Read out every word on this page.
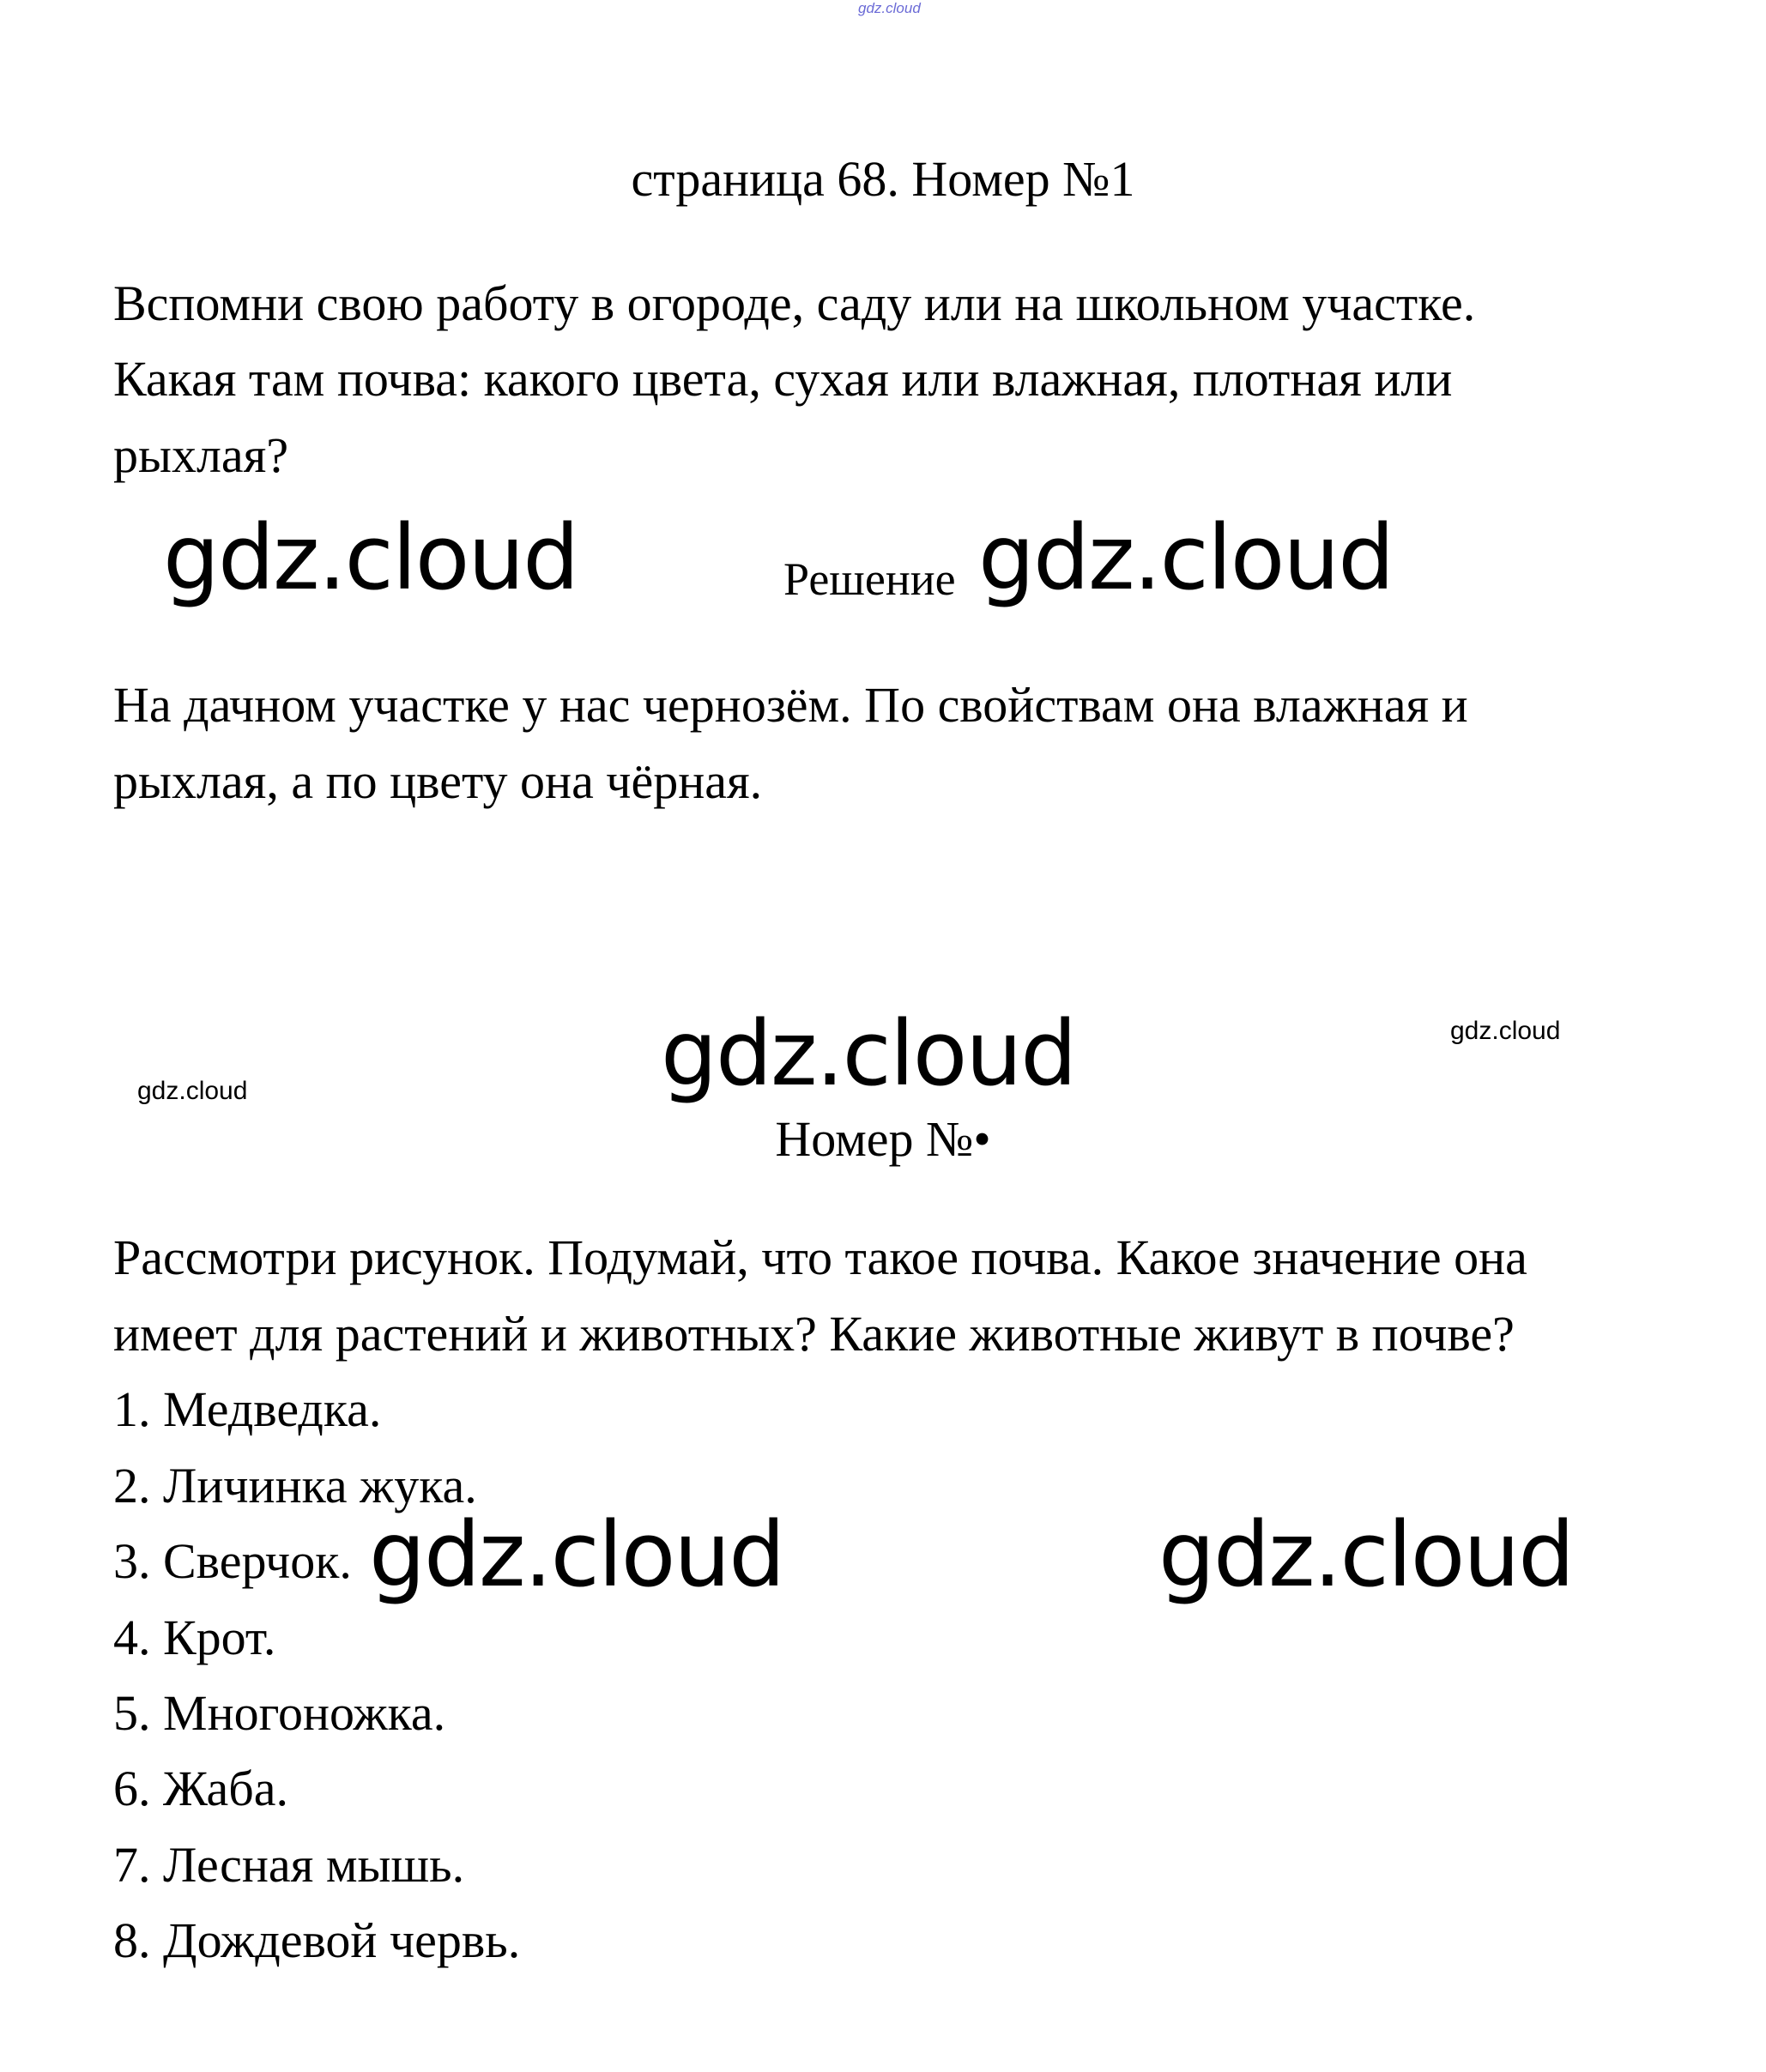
gdz.cloud
страница 68. Номер №1
Вспомни свою работу в огороде, саду или на школьном участке.
Какая там почва: какого цвета, сухая или влажная, плотная или
рыхлая?
gdz.cloud	Решение gdz.cloud
На дачном участке у нас чернозём. По свойствам она влажная и
рыхлая, а по цвету она чёрная.
gdz.cloud
gdz.cloud
gdz.cloud
Номер №•
Рассмотри рисунок. Подумай, что такое почва. Какое значение она
имеет для растений и животных? Какие животные живут в почве?
1. Медведка.
2. Личинка жука.
3. Сверчок. gdz.cloud	gdz.cloud
4. Крот.
5. Многоножка.
6. Жаба.
7. Лесная мышь.
8. Дождевой червь.
